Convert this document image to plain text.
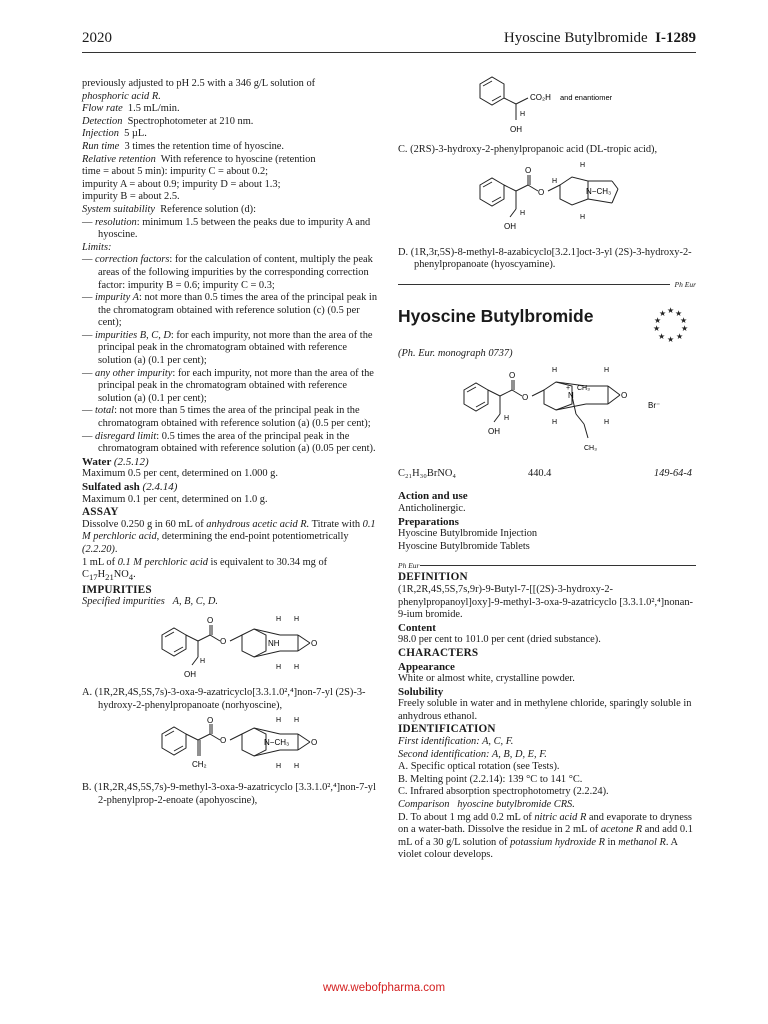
2020	Hyoscine Butylbromide I-1289

previously adjusted to pH 2.5 with a 346 g/L solution of
phosphoric acid R.

Flow rate 1.5 mL/min.

Detection Spectrophotometer at 210 nm.

Injection 5 µL.

Run time 3 times the retention time of hyoscine.

Relative retention With reference to hyoscine (retention
time = about 5 min): impurity C = about 0.2;
impurity A = about 0.9; impurity D = about 1.3;
impurity B = about 2.5.

System suitability Reference solution (d):

— resolution: minimum 1.5 between the peaks due to impurity A and hyoscine.

Limits:

— correction factors: for the calculation of content, multiply the peak areas of the following impurities by the corresponding correction factor: impurity B = 0.6; impurity C = 0.3;

— impurity A: not more than 0.5 times the area of the principal peak in the chromatogram obtained with reference solution (c) (0.5 per cent);

— impurities B, C, D: for each impurity, not more than the area of the principal peak in the chromatogram obtained with reference solution (a) (0.1 per cent);

— any other impurity: for each impurity, not more than the area of the principal peak in the chromatogram obtained with reference solution (a) (0.1 per cent);

— total: not more than 5 times the area of the principal peak in the chromatogram obtained with reference solution (a) (0.5 per cent);

— disregard limit: 0.5 times the area of the principal peak in the chromatogram obtained with reference solution (a) (0.05 per cent).

Water (2.5.12)

Maximum 0.5 per cent, determined on 1.000 g.

Sulfated ash (2.4.14)

Maximum 0.1 per cent, determined on 1.0 g.

ASSAY

Dissolve 0.250 g in 60 mL of anhydrous acetic acid R. Titrate with 0.1 M perchloric acid, determining the end-point potentiometrically (2.2.20).

1 mL of 0.1 M perchloric acid is equivalent to 30.34 mg of $C_{17}H_{21}NO_4$.

IMPURITIES

Specified impurities A, B, C, D.

O
O	NH	O
H H
H H
H
OH

A. (1R,2R,4S,5S,7s)-3-oxa-9-azatricyclo[3.3.1.0²,⁴]non-7-yl (2S)-3-hydroxy-2-phenylpropanoate (norhyoscine),

O
O	N−CH₃	O
H H
H H
CH₂

B. (1R,2R,4S,5S,7s)-9-methyl-3-oxa-9-azatricyclo [3.3.1.0²,⁴]non-7-yl 2-phenylprop-2-enoate (apohyoscine),

CO₂H and enantiomer
H
OH

C. (2RS)-3-hydroxy-2-phenylpropanoic acid (DL-tropic acid),

O
O	N−CH₃
H
H
H
H
OH

D. (1R,3r,5S)-8-methyl-8-azabicyclo[3.2.1]oct-3-yl (2S)-3-hydroxy-2-phenylpropanoate (hyoscyamine).

Ph Eur
Hyoscine Butylbromide	★ ★
★
★
★
★
★
★
★
★

(Ph. Eur. monograph 0737)

O
O	N
+ CH₃
O
Br⁻
H	H
H	H
H
OH
CH₃
C₂₁H₃₀BrNO₄	440.4	149-64-4

Action and use

Anticholinergic.

Preparations

Hyoscine Butylbromide Injection

Hyoscine Butylbromide Tablets

Ph Eur

DEFINITION

(1R,2R,4S,5S,7s,9r)-9-Butyl-7-[[(2S)-3-hydroxy-2-phenylpropanoyl]oxy]-9-methyl-3-oxa-9-azatricyclo [3.3.1.0²,⁴]nonan-9-ium bromide.

Content

98.0 per cent to 101.0 per cent (dried substance).

CHARACTERS

Appearance

White or almost white, crystalline powder.

Solubility

Freely soluble in water and in methylene chloride, sparingly soluble in anhydrous ethanol.

IDENTIFICATION

First identification: A, C, F.

Second identification: A, B, D, E, F.

A. Specific optical rotation (see Tests).

B. Melting point (2.2.14): 139 °C to 141 °C.

C. Infrared absorption spectrophotometry (2.2.24).

Comparison hyoscine butylbromide CRS.

D. To about 1 mg add 0.2 mL of nitric acid R and evaporate to dryness on a water-bath. Dissolve the residue in 2 mL of acetone R and add 0.1 mL of a 30 g/L solution of potassium hydroxide R in methanol R. A violet colour develops.

www.webofpharma.com
